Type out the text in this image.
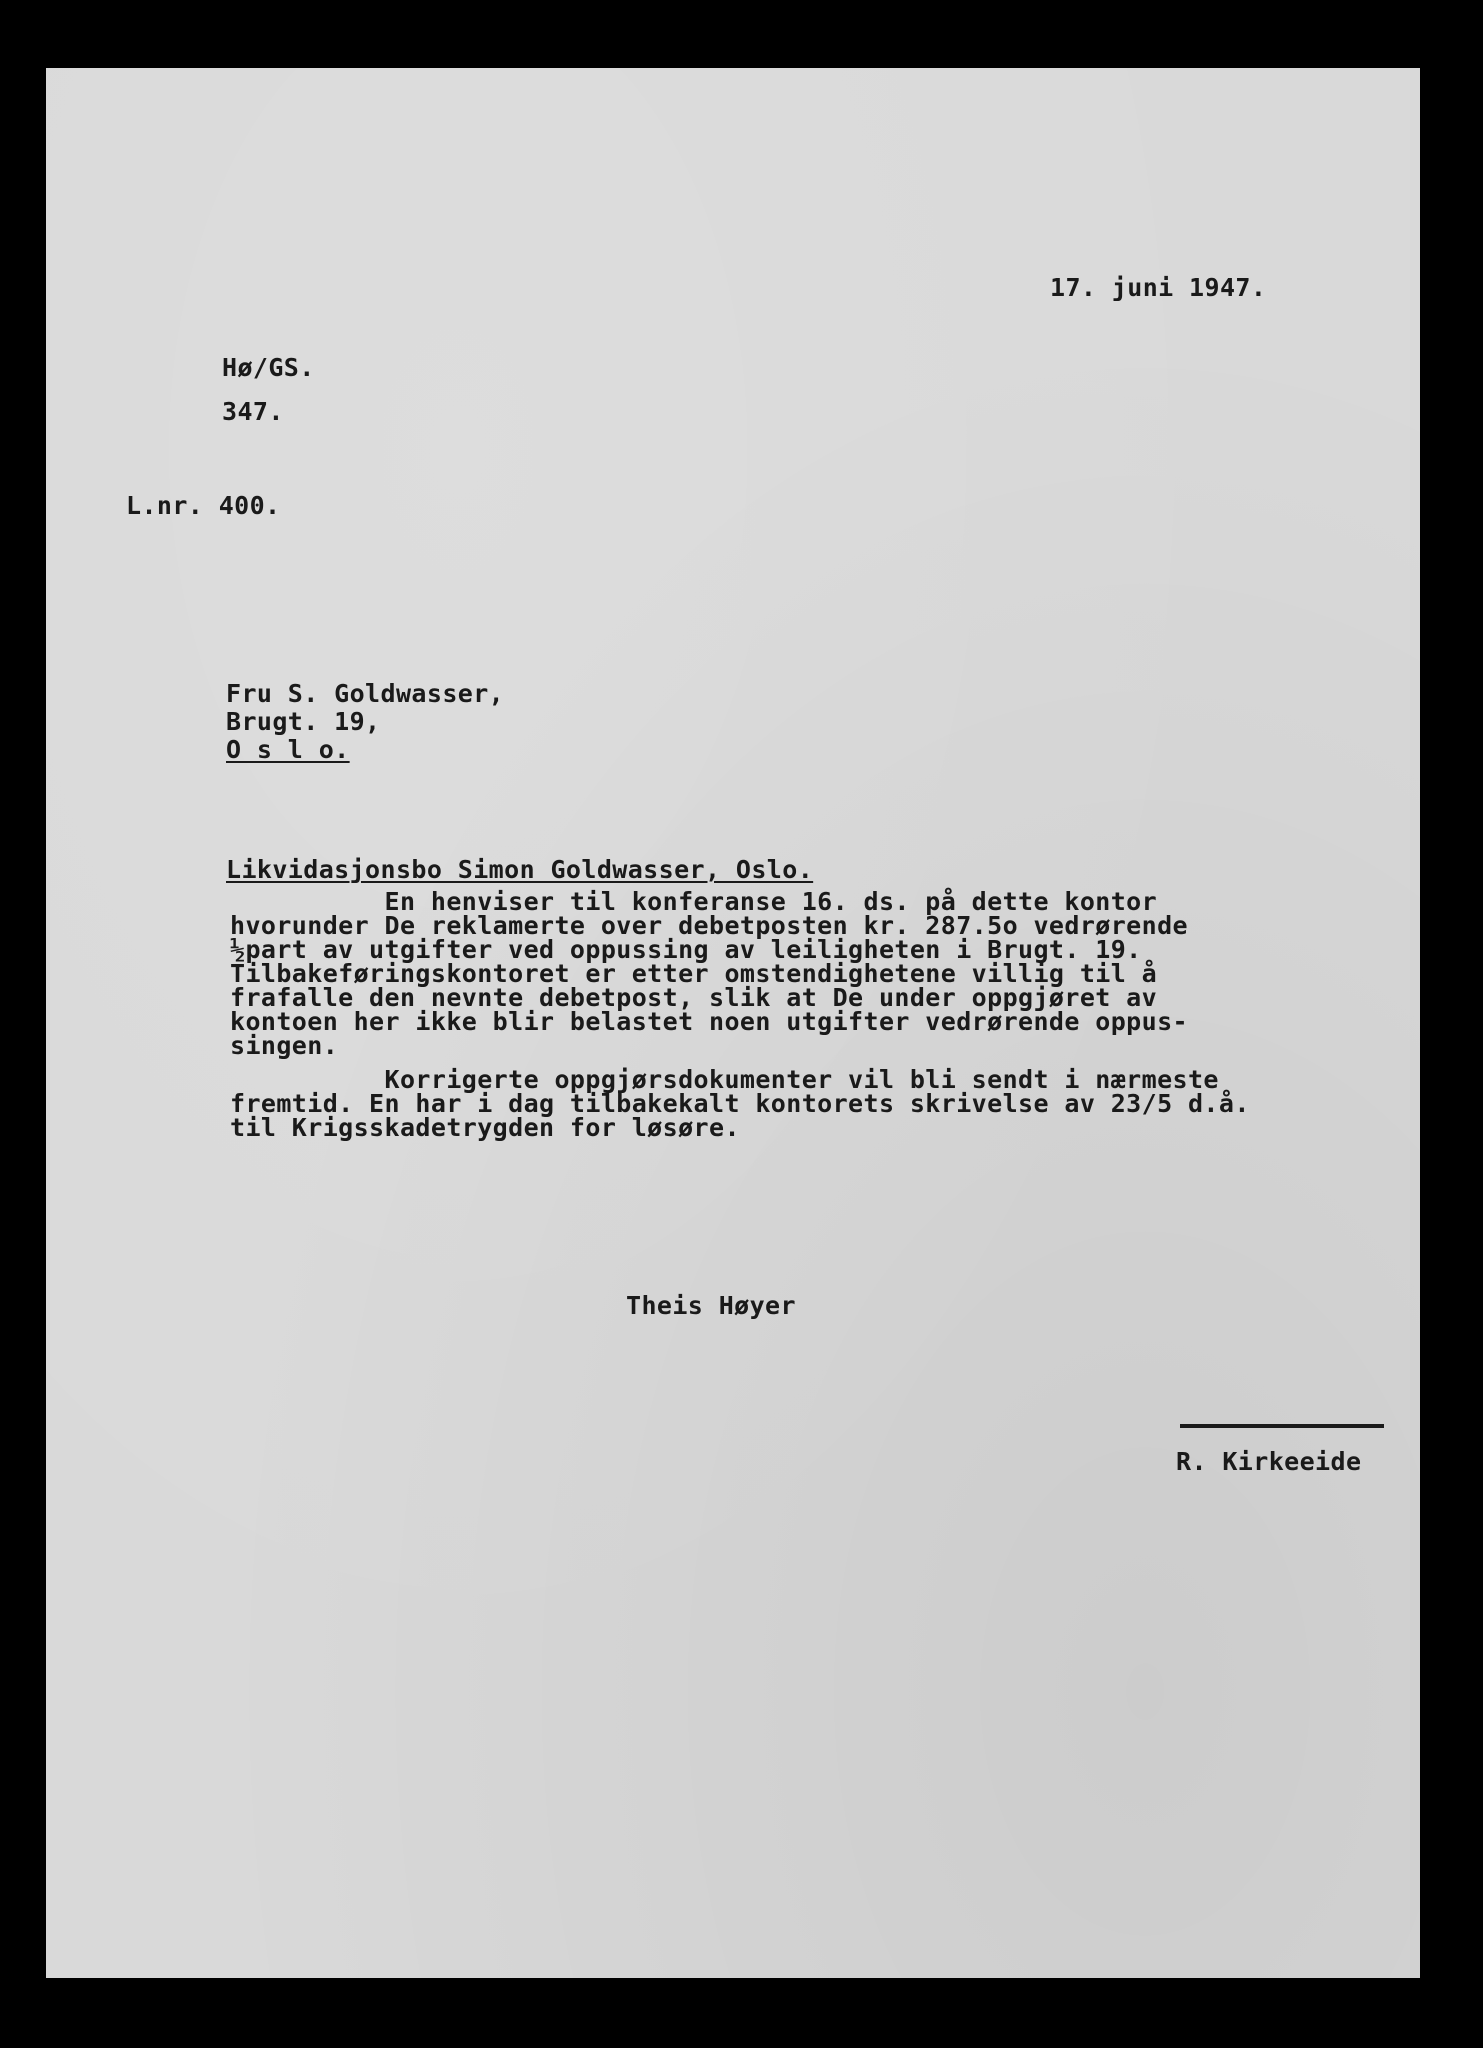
17. juni 1947.
Hø/GS.
347.
L.nr. 400.
Fru S. Goldwasser,
Brugt. 19,
O s l o.
Likvidasjonsbo Simon Goldwasser, Oslo.
En henviser til konferanse 16. ds. på dette kontor
hvorunder De reklamerte over debetposten kr. 287.5o vedrørende
½part av utgifter ved oppussing av leiligheten i Brugt. 19.
Tilbakeføringskontoret er etter omstendighetene villig til å
frafalle den nevnte debetpost, slik at De under oppgjøret av
kontoen her ikke blir belastet noen utgifter vedrørende oppus-
singen.
Korrigerte oppgjørsdokumenter vil bli sendt i nærmeste
fremtid. En har i dag tilbakekalt kontorets skrivelse av 23/5 d.å.
til Krigsskadetrygden for løsøre.
Theis Høyer
R. Kirkeeide
